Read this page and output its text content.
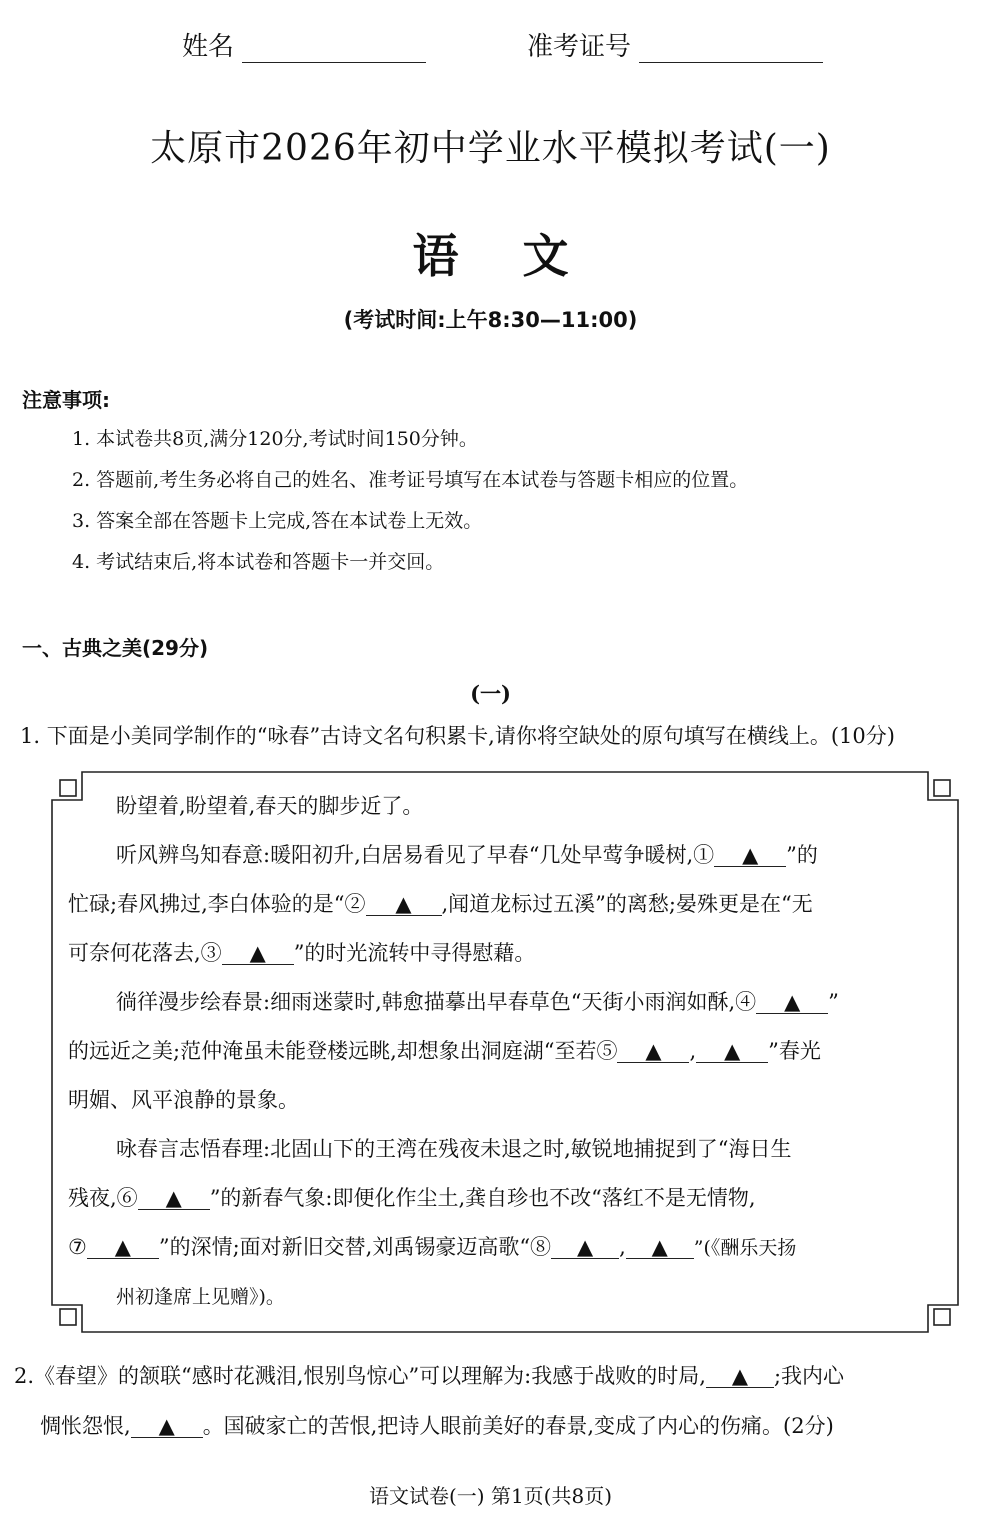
姓名	准考证号
太原市2026年初中学业水平模拟考试(一)
语 文
(考试时间:上午8:30—11:00)
注意事项:
1. 本试卷共8页,满分120分,考试时间150分钟。
2. 答题前,考生务必将自己的姓名、准考证号填写在本试卷与答题卡相应的位置。
3. 答案全部在答题卡上完成,答在本试卷上无效。
4. 考试结束后,将本试卷和答题卡一并交回。
一、古典之美(29分)
(一)
1. 下面是小美同学制作的“咏春”古诗文名句积累卡,请你将空缺处的原句填写在横线上。(10分)

盼望着,盼望着,春天的脚步近了。

听风辨鸟知春意:暖阳初升,白居易看见了早春“几处早莺争暖树,① ▲ ”的

忙碌;春风拂过,李白体验的是“② ▲ ,闻道龙标过五溪”的离愁;晏殊更是在“无

可奈何花落去,③ ▲ ”的时光流转中寻得慰藉。

徜徉漫步绘春景:细雨迷蒙时,韩愈描摹出早春草色“天街小雨润如酥,④ ▲ ”

的远近之美;范仲淹虽未能登楼远眺,却想象出洞庭湖“至若⑤ ▲ , ▲ ”春光

明媚、风平浪静的景象。

咏春言志悟春理:北固山下的王湾在残夜未退之时,敏锐地捕捉到了“海日生

残夜,⑥ ▲ ”的新春气象:即便化作尘土,龚自珍也不改“落红不是无情物,

⑦ ▲ ”的深情;面对新旧交替,刘禹锡豪迈高歌“⑧ ▲ , ▲ ”(《酬乐天扬

州初逢席上见赠》)。

2.《春望》的颔联“感时花溅泪,恨别鸟惊心”可以理解为:我感于战败的时局, ▲ ;我内心
惆怅怨恨, ▲ 。国破家亡的苦恨,把诗人眼前美好的春景,变成了内心的伤痛。(2分)
语文试卷(一) 第1页(共8页)
